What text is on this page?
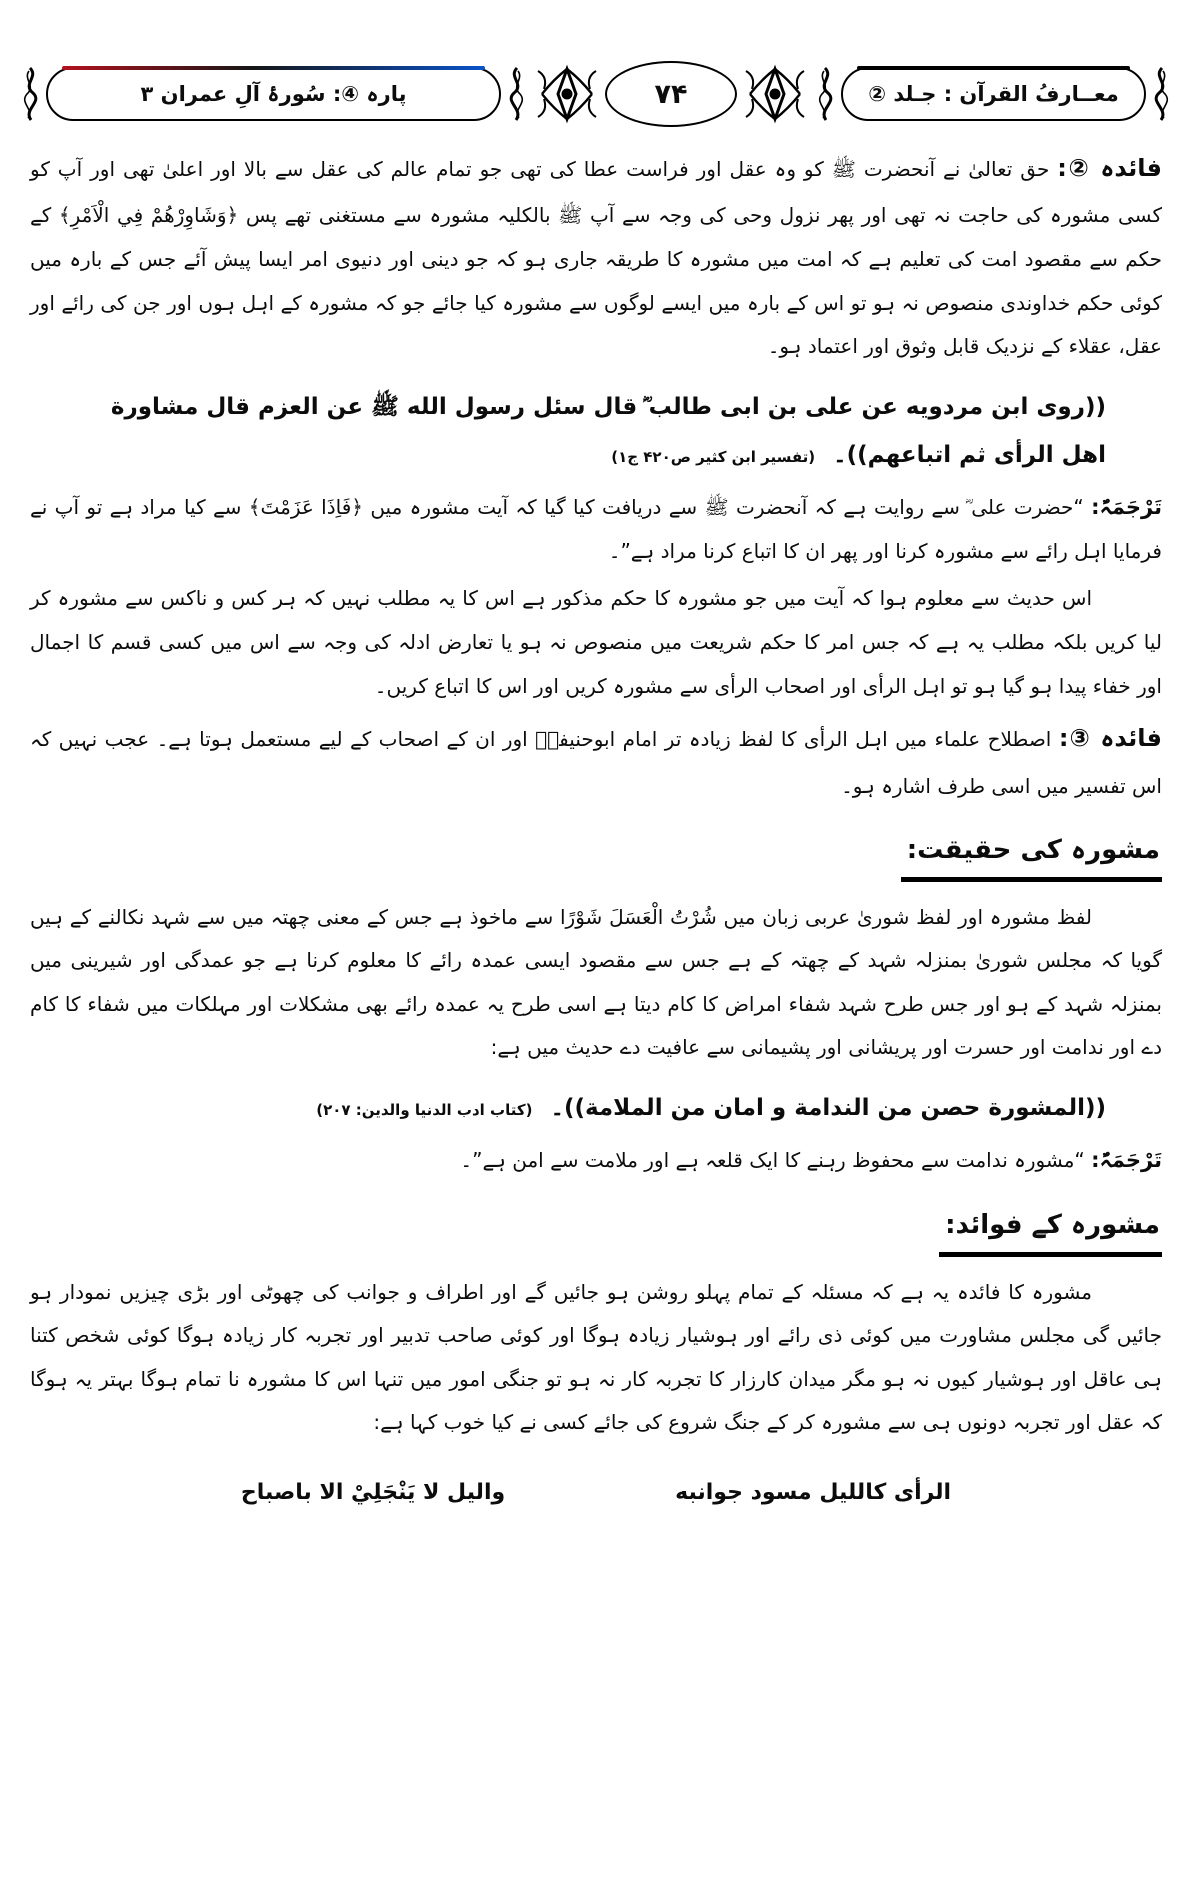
معــارفُ القرآن : جـلد ②
۷۴
پارہ ④: سُورۂ آلِ عمران ۳

فائدہ ②: حق تعالیٰ نے آنحضرت ﷺ کو وہ عقل اور فراست عطا کی تھی جو تمام عالم کی عقل سے بالا اور اعلیٰ تھی اور آپ کو کسی مشورہ کی حاجت نہ تھی اور پھر نزول وحی کی وجہ سے آپ ﷺ بالکلیہ مشورہ سے مستغنی تھے پس ﴿وَشَاوِرْهُمْ فِي الْاَمْرِ﴾ کے حکم سے مقصود امت کی تعلیم ہے کہ امت میں مشورہ کا طریقہ جاری ہو کہ جو دینی اور دنیوی امر ایسا پیش آئے جس کے بارہ میں کوئی حکم خداوندی منصوص نہ ہو تو اس کے بارہ میں ایسے لوگوں سے مشورہ کیا جائے جو کہ مشورہ کے اہل ہوں اور جن کی رائے اور عقل، عقلاء کے نزدیک قابل وثوق اور اعتماد ہو۔

((روى ابن مردويه عن على بن ابى طالب ؓ قال سئل رسول الله ﷺ عن العزم قال مشاورة اهل الرأى ثم اتباعهم))۔ (تفسیر ابن کثیر ص۴۲۰ ج۱)

تَرْجَمَہٌ: “حضرت علی ؓ سے روایت ہے کہ آنحضرت ﷺ سے دریافت کیا گیا کہ آیت مشورہ میں ﴿فَاِذَا عَزَمْتَ﴾ سے کیا مراد ہے تو آپ نے فرمایا اہل رائے سے مشورہ کرنا اور پھر ان کا اتباع کرنا مراد ہے”۔

اس حدیث سے معلوم ہوا کہ آیت میں جو مشورہ کا حکم مذکور ہے اس کا یہ مطلب نہیں کہ ہر کس و ناکس سے مشورہ کر لیا کریں بلکہ مطلب یہ ہے کہ جس امر کا حکم شریعت میں منصوص نہ ہو یا تعارض ادلہ کی وجہ سے اس میں کسی قسم کا اجمال اور خفاء پیدا ہو گیا ہو تو اہل الرأی اور اصحاب الرأی سے مشورہ کریں اور اس کا اتباع کریں۔

فائدہ ③: اصطلاح علماء میں اہل الرأی کا لفظ زیادہ تر امام ابوحنیفہؒ اور ان کے اصحاب کے لیے مستعمل ہوتا ہے۔ عجب نہیں کہ اس تفسیر میں اسی طرف اشارہ ہو۔

مشورہ کی حقیقت:

لفظ مشورہ اور لفظ شوریٰ عربی زبان میں شُرْتُ الْعَسَلَ شَوْرًا سے ماخوذ ہے جس کے معنی چھتہ میں سے شہد نکالنے کے ہیں گویا کہ مجلس شوریٰ بمنزلہ شہد کے چھتہ کے ہے جس سے مقصود ایسی عمدہ رائے کا معلوم کرنا ہے جو عمدگی اور شیرینی میں بمنزلہ شہد کے ہو اور جس طرح شہد شفاء امراض کا کام دیتا ہے اسی طرح یہ عمدہ رائے بھی مشکلات اور مہلکات میں شفاء کا کام دے اور ندامت اور حسرت اور پریشانی اور پشیمانی سے عافیت دے حدیث میں ہے:

((المشورة حصن من الندامة و امان من الملامة))۔ (کتاب ادب الدنیا والدین: ۲۰۷)

تَرْجَمَہٌ: “مشورہ ندامت سے محفوظ رہنے کا ایک قلعہ ہے اور ملامت سے امن ہے”۔

مشورہ کے فوائد:

مشورہ کا فائدہ یہ ہے کہ مسئلہ کے تمام پہلو روشن ہو جائیں گے اور اطراف و جوانب کی چھوٹی اور بڑی چیزیں نمودار ہو جائیں گی مجلس مشاورت میں کوئی ذی رائے اور ہوشیار زیادہ ہوگا اور کوئی صاحب تدبیر اور تجربہ کار زیادہ ہوگا کوئی شخص کتنا ہی عاقل اور ہوشیار کیوں نہ ہو مگر میدان کارزار کا تجربہ کار نہ ہو تو جنگی امور میں تنہا اس کا مشورہ نا تمام ہوگا بہتر یہ ہوگا کہ عقل اور تجربہ دونوں ہی سے مشورہ کر کے جنگ شروع کی جائے کسی نے کیا خوب کہا ہے:

الرأى كالليل مسود جوانبه
واليل لا يَنْجَلِيْ الا باصباح
